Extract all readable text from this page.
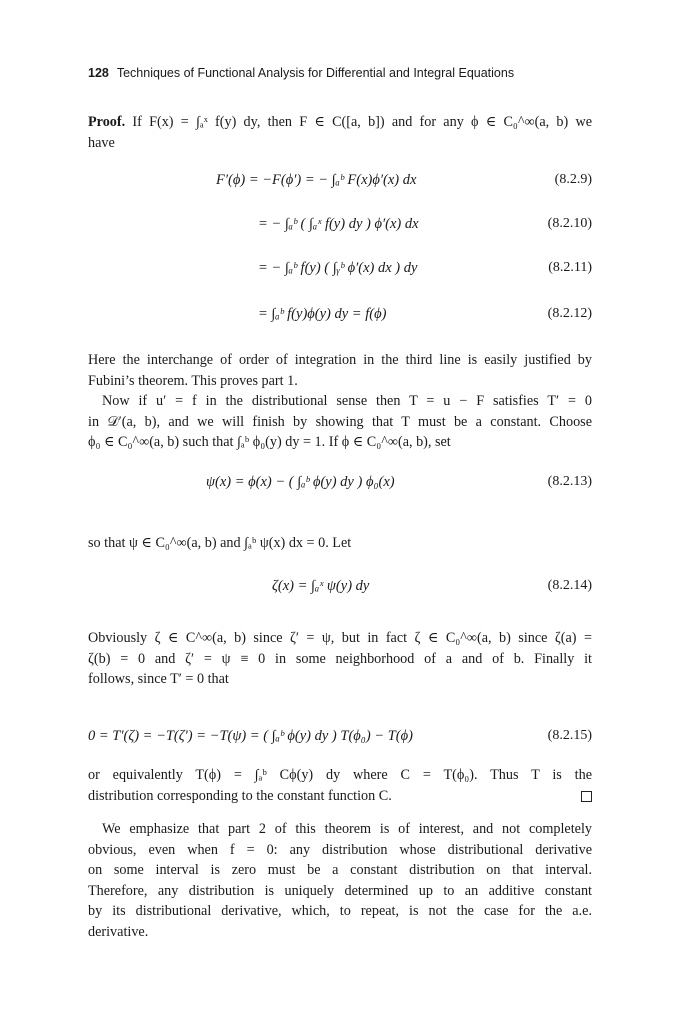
128 Techniques of Functional Analysis for Differential and Integral Equations
Proof. If F(x) = ∫ₐˣ f(y) dy, then F ∈ C([a, b]) and for any ϕ ∈ C₀^∞(a, b) we
have
F′(ϕ) = −F(ϕ′) = − ∫ₐᵇ F(x)ϕ′(x) dx	(8.2.9)
= − ∫ₐᵇ ( ∫ₐˣ f(y) dy ) ϕ′(x) dx	(8.2.10)
= − ∫ₐᵇ f(y) ( ∫ᵧᵇ ϕ′(x) dx ) dy	(8.2.11)
= ∫ₐᵇ f(y)ϕ(y) dy = f(ϕ)	(8.2.12)
Here the interchange of order of integration in the third line is easily justified by
Fubini’s theorem. This proves part 1.
Now if u′ = f in the distributional sense then T = u − F satisfies T′ = 0
in 𝒟′(a, b), and we will finish by showing that T must be a constant. Choose
ϕ₀ ∈ C₀^∞(a, b) such that ∫ₐᵇ ϕ₀(y) dy = 1. If ϕ ∈ C₀^∞(a, b), set
ψ(x) = ϕ(x) − ( ∫ₐᵇ ϕ(y) dy ) ϕ₀(x)	(8.2.13)
so that ψ ∈ C₀^∞(a, b) and ∫ₐᵇ ψ(x) dx = 0. Let
ζ(x) = ∫ₐˣ ψ(y) dy	(8.2.14)
Obviously ζ ∈ C^∞(a, b) since ζ′ = ψ, but in fact ζ ∈ C₀^∞(a, b) since ζ(a) =
ζ(b) = 0 and ζ′ = ψ ≡ 0 in some neighborhood of a and of b. Finally it
follows, since T′ = 0 that
0 = T′(ζ) = −T(ζ′) = −T(ψ) = ( ∫ₐᵇ ϕ(y) dy ) T(ϕ₀) − T(ϕ)	(8.2.15)
or equivalently T(ϕ) = ∫ₐᵇ Cϕ(y) dy where C = T(ϕ₀). Thus T is the
distribution corresponding to the constant function C.
We emphasize that part 2 of this theorem is of interest, and not completely
obvious, even when f = 0: any distribution whose distributional derivative
on some interval is zero must be a constant distribution on that interval.
Therefore, any distribution is uniquely determined up to an additive constant
by its distributional derivative, which, to repeat, is not the case for the a.e.
derivative.
